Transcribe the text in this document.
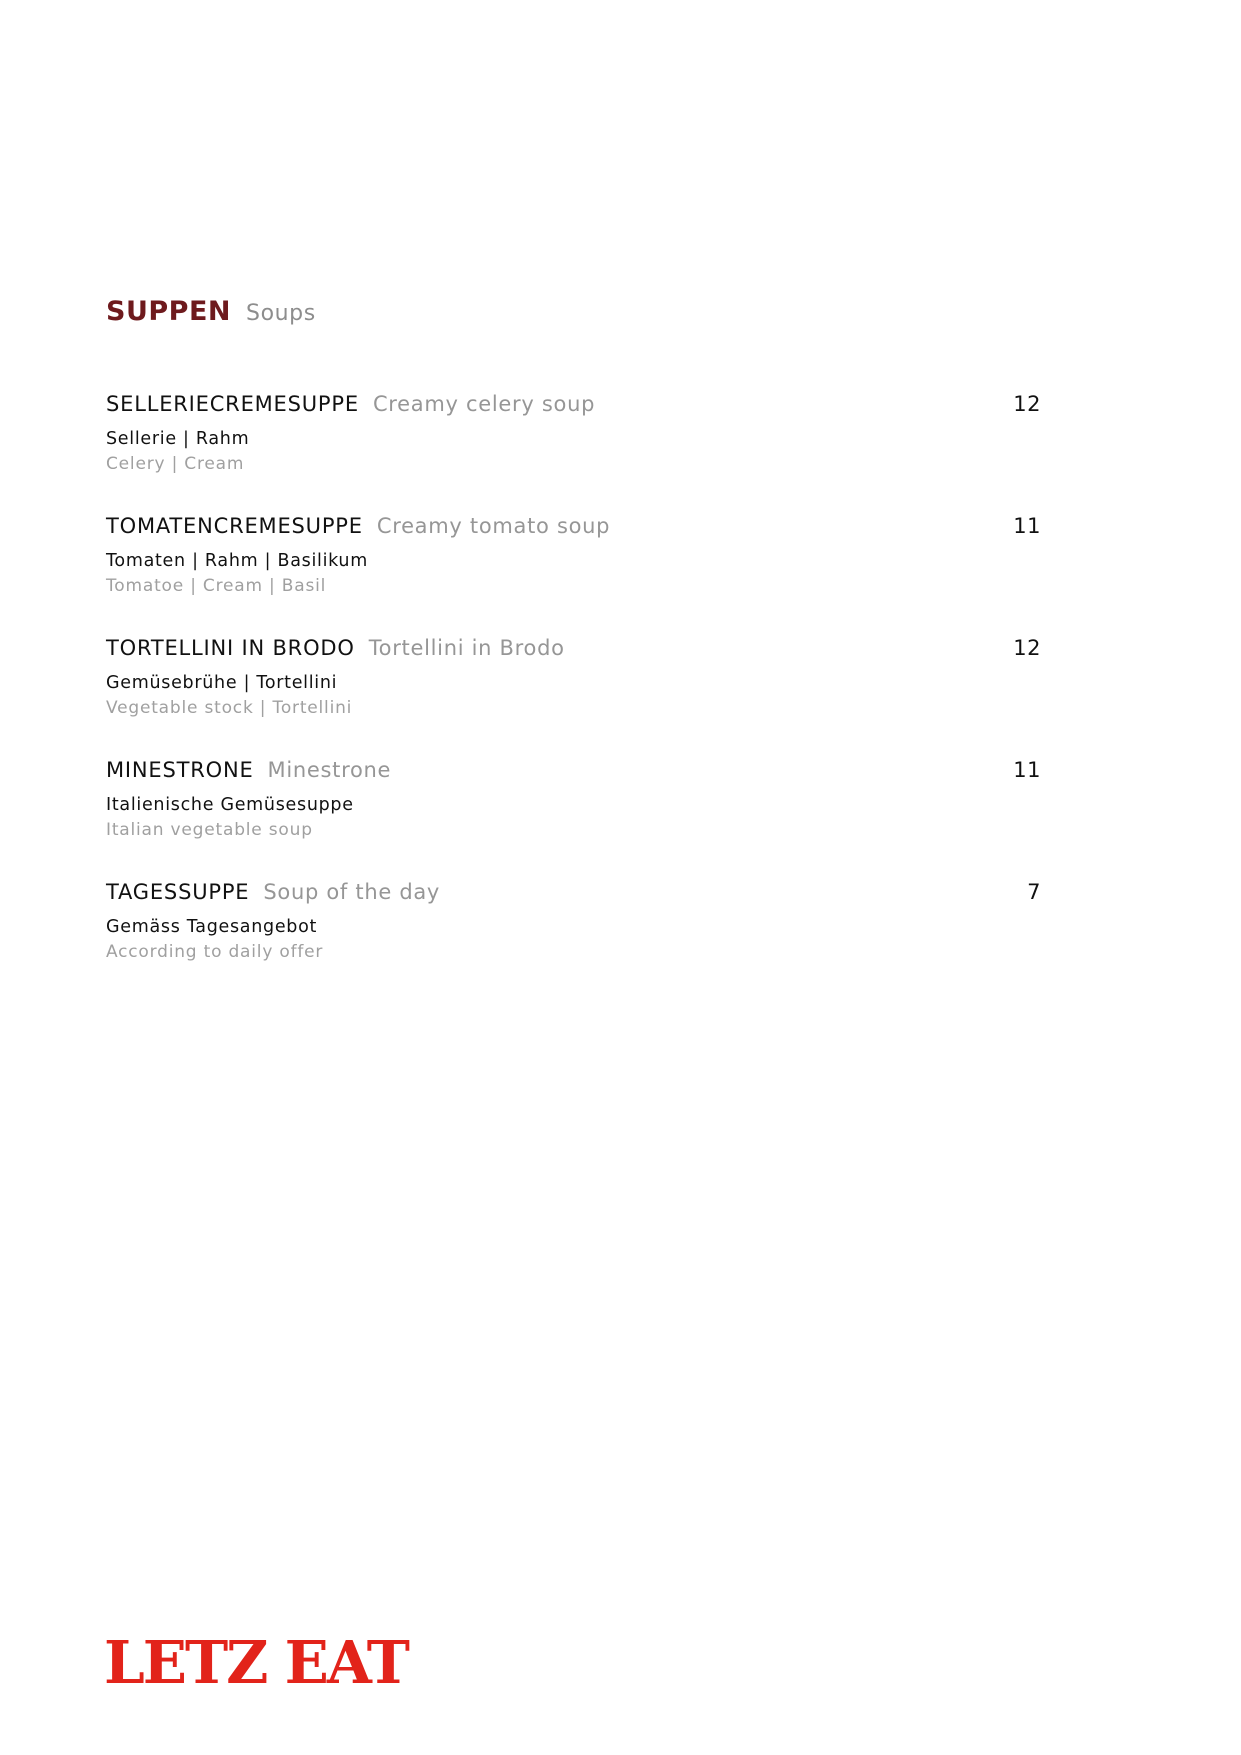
SUPPEN Soups
SELLERIECREMESUPPE Creamy celery soup	12
Sellerie | Rahm
Celery | Cream
TOMATENCREMESUPPE Creamy tomato soup	11
Tomaten | Rahm | Basilikum
Tomatoe | Cream | Basil
TORTELLINI IN BRODO Tortellini in Brodo	12
Gemüsebrühe | Tortellini
Vegetable stock | Tortellini
MINESTRONE Minestrone	11
Italienische Gemüsesuppe
Italian vegetable soup
TAGESSUPPE Soup of the day	7
Gemäss Tagesangebot
According to daily offer
LETZ EAT
